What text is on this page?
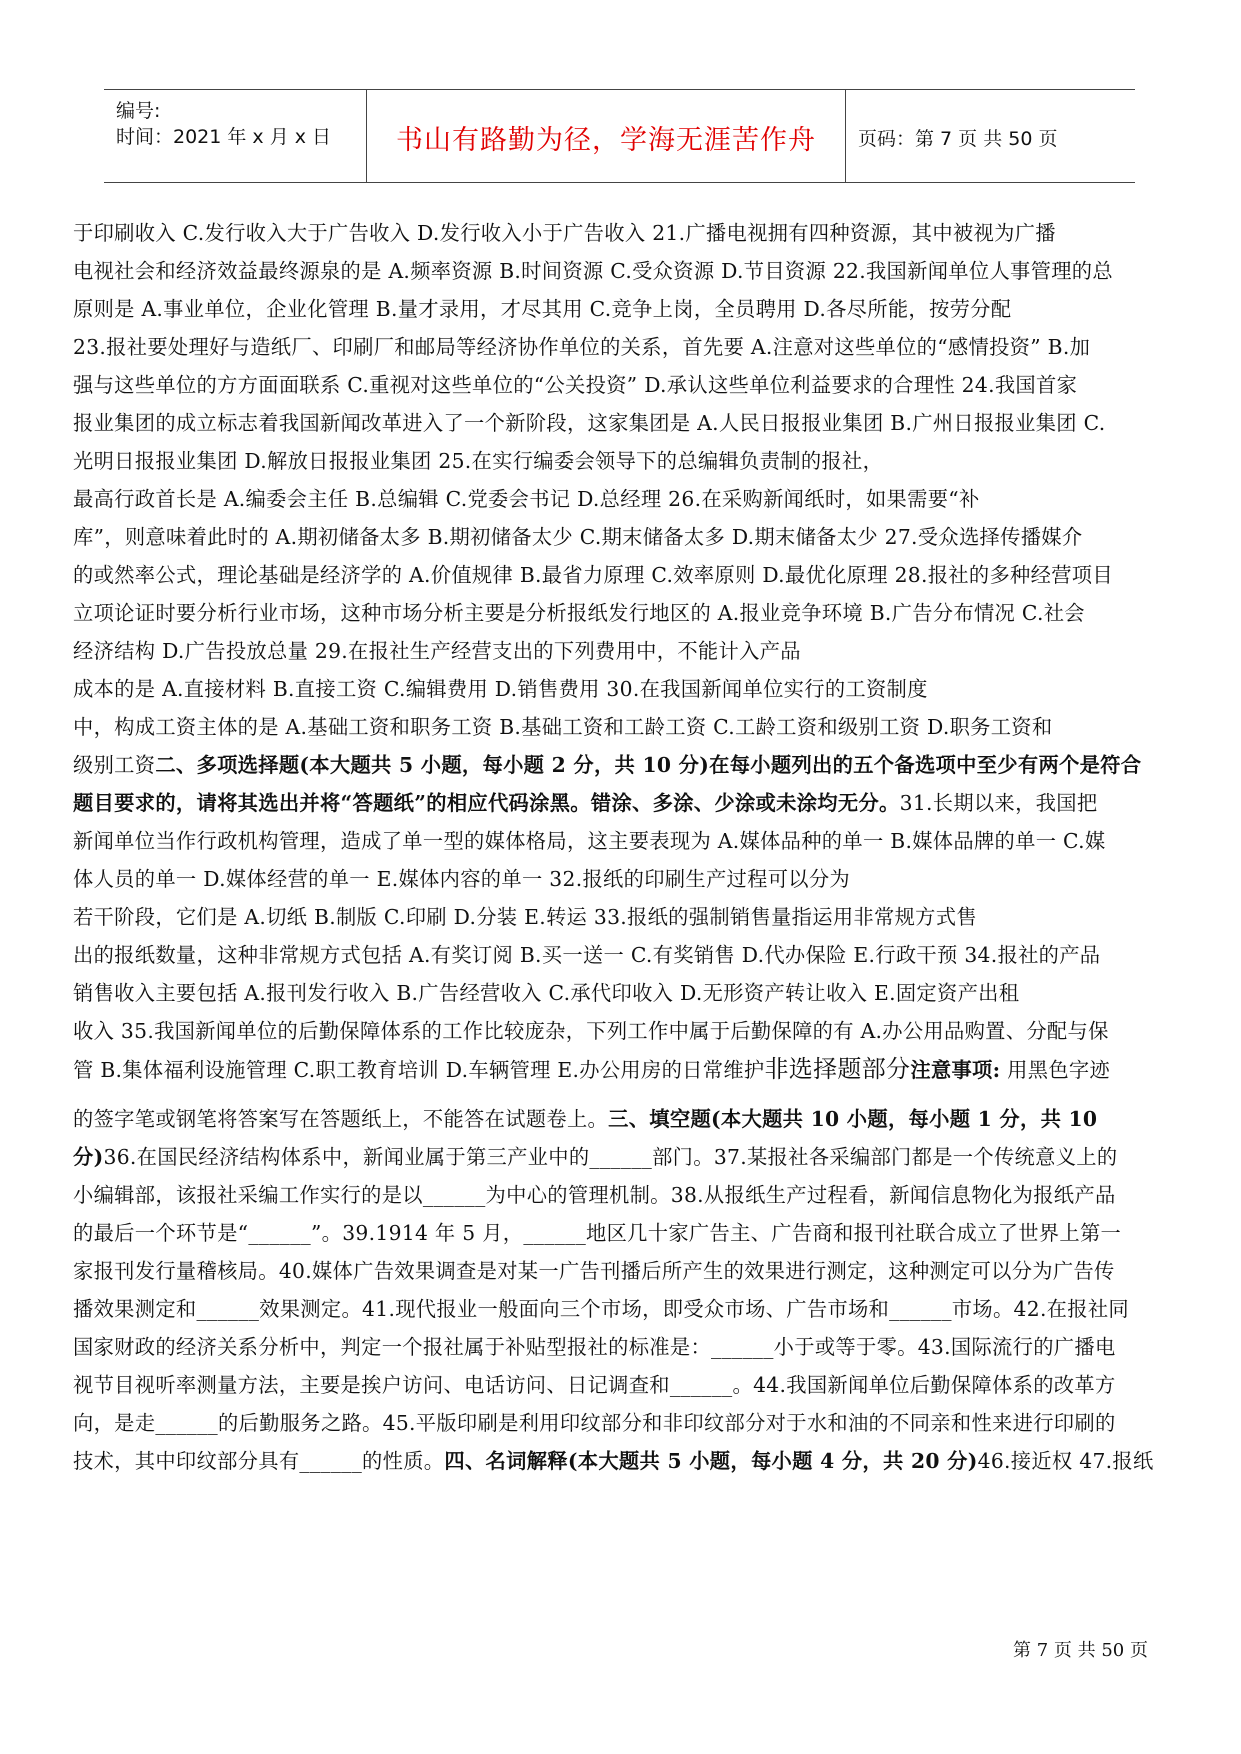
编号:
时间：2021 年 x 月 x 日	书山有路勤为径，学海无涯苦作舟	页码：第 7 页 共 50 页
于印刷收入 C.发行收入大于广告收入 D.发行收入小于广告收入 21.广播电视拥有四种资源，其中被视为广播
电视社会和经济效益最终源泉的是 A.频率资源 B.时间资源 C.受众资源 D.节目资源 22.我国新闻单位人事管理的总
原则是 A.事业单位，企业化管理 B.量才录用，才尽其用 C.竞争上岗，全员聘用 D.各尽所能，按劳分配
23.报社要处理好与造纸厂、印刷厂和邮局等经济协作单位的关系，首先要 A.注意对这些单位的“感情投资” B.加
强与这些单位的方方面面联系 C.重视对这些单位的“公关投资” D.承认这些单位利益要求的合理性 24.我国首家
报业集团的成立标志着我国新闻改革进入了一个新阶段，这家集团是 A.人民日报报业集团 B.广州日报报业集团 C.
光明日报报业集团 D.解放日报报业集团 25.在实行编委会领导下的总编辑负责制的报社，
最高行政首长是 A.编委会主任 B.总编辑 C.党委会书记 D.总经理 26.在采购新闻纸时，如果需要“补
库”，则意味着此时的 A.期初储备太多 B.期初储备太少 C.期末储备太多 D.期末储备太少 27.受众选择传播媒介
的或然率公式，理论基础是经济学的 A.价值规律 B.最省力原理 C.效率原则 D.最优化原理 28.报社的多种经营项目
立项论证时要分析行业市场，这种市场分析主要是分析报纸发行地区的 A.报业竞争环境 B.广告分布情况 C.社会
经济结构 D.广告投放总量 29.在报社生产经营支出的下列费用中，不能计入产品
成本的是 A.直接材料 B.直接工资 C.编辑费用 D.销售费用 30.在我国新闻单位实行的工资制度
中，构成工资主体的是 A.基础工资和职务工资 B.基础工资和工龄工资 C.工龄工资和级别工资 D.职务工资和
级别工资二、多项选择题(本大题共 5 小题，每小题 2 分，共 10 分)在每小题列出的五个备选项中至少有两个是符合
题目要求的，请将其选出并将“答题纸”的相应代码涂黑。错涂、多涂、少涂或未涂均无分。31.长期以来，我国把
新闻单位当作行政机构管理，造成了单一型的媒体格局，这主要表现为 A.媒体品种的单一 B.媒体品牌的单一 C.媒
体人员的单一 D.媒体经营的单一 E.媒体内容的单一 32.报纸的印刷生产过程可以分为
若干阶段，它们是 A.切纸 B.制版 C.印刷 D.分装 E.转运 33.报纸的强制销售量指运用非常规方式售
出的报纸数量，这种非常规方式包括 A.有奖订阅 B.买一送一 C.有奖销售 D.代办保险 E.行政干预 34.报社的产品
销售收入主要包括 A.报刊发行收入 B.广告经营收入 C.承代印收入 D.无形资产转让收入 E.固定资产出租
收入 35.我国新闻单位的后勤保障体系的工作比较庞杂，下列工作中属于后勤保障的有 A.办公用品购置、分配与保
管 B.集体福利设施管理 C.职工教育培训 D.车辆管理 E.办公用房的日常维护非选择题部分注意事项: 用黑色字迹
的签字笔或钢笔将答案写在答题纸上，不能答在试题卷上。三、填空题(本大题共 10 小题，每小题 1 分，共 10
分)36.在国民经济结构体系中，新闻业属于第三产业中的______部门。37.某报社各采编部门都是一个传统意义上的
小编辑部，该报社采编工作实行的是以______为中心的管理机制。38.从报纸生产过程看，新闻信息物化为报纸产品
的最后一个环节是“______”。39.1914 年 5 月，______地区几十家广告主、广告商和报刊社联合成立了世界上第一
家报刊发行量稽核局。40.媒体广告效果调查是对某一广告刊播后所产生的效果进行测定，这种测定可以分为广告传
播效果测定和______效果测定。41.现代报业一般面向三个市场，即受众市场、广告市场和______市场。42.在报社同
国家财政的经济关系分析中，判定一个报社属于补贴型报社的标准是：______小于或等于零。43.国际流行的广播电
视节目视听率测量方法，主要是挨户访问、电话访问、日记调查和______。44.我国新闻单位后勤保障体系的改革方
向，是走______的后勤服务之路。45.平版印刷是利用印纹部分和非印纹部分对于水和油的不同亲和性来进行印刷的
技术，其中印纹部分具有______的性质。四、名词解释(本大题共 5 小题，每小题 4 分，共 20 分)46.接近权 47.报纸
第 7 页 共 50 页
